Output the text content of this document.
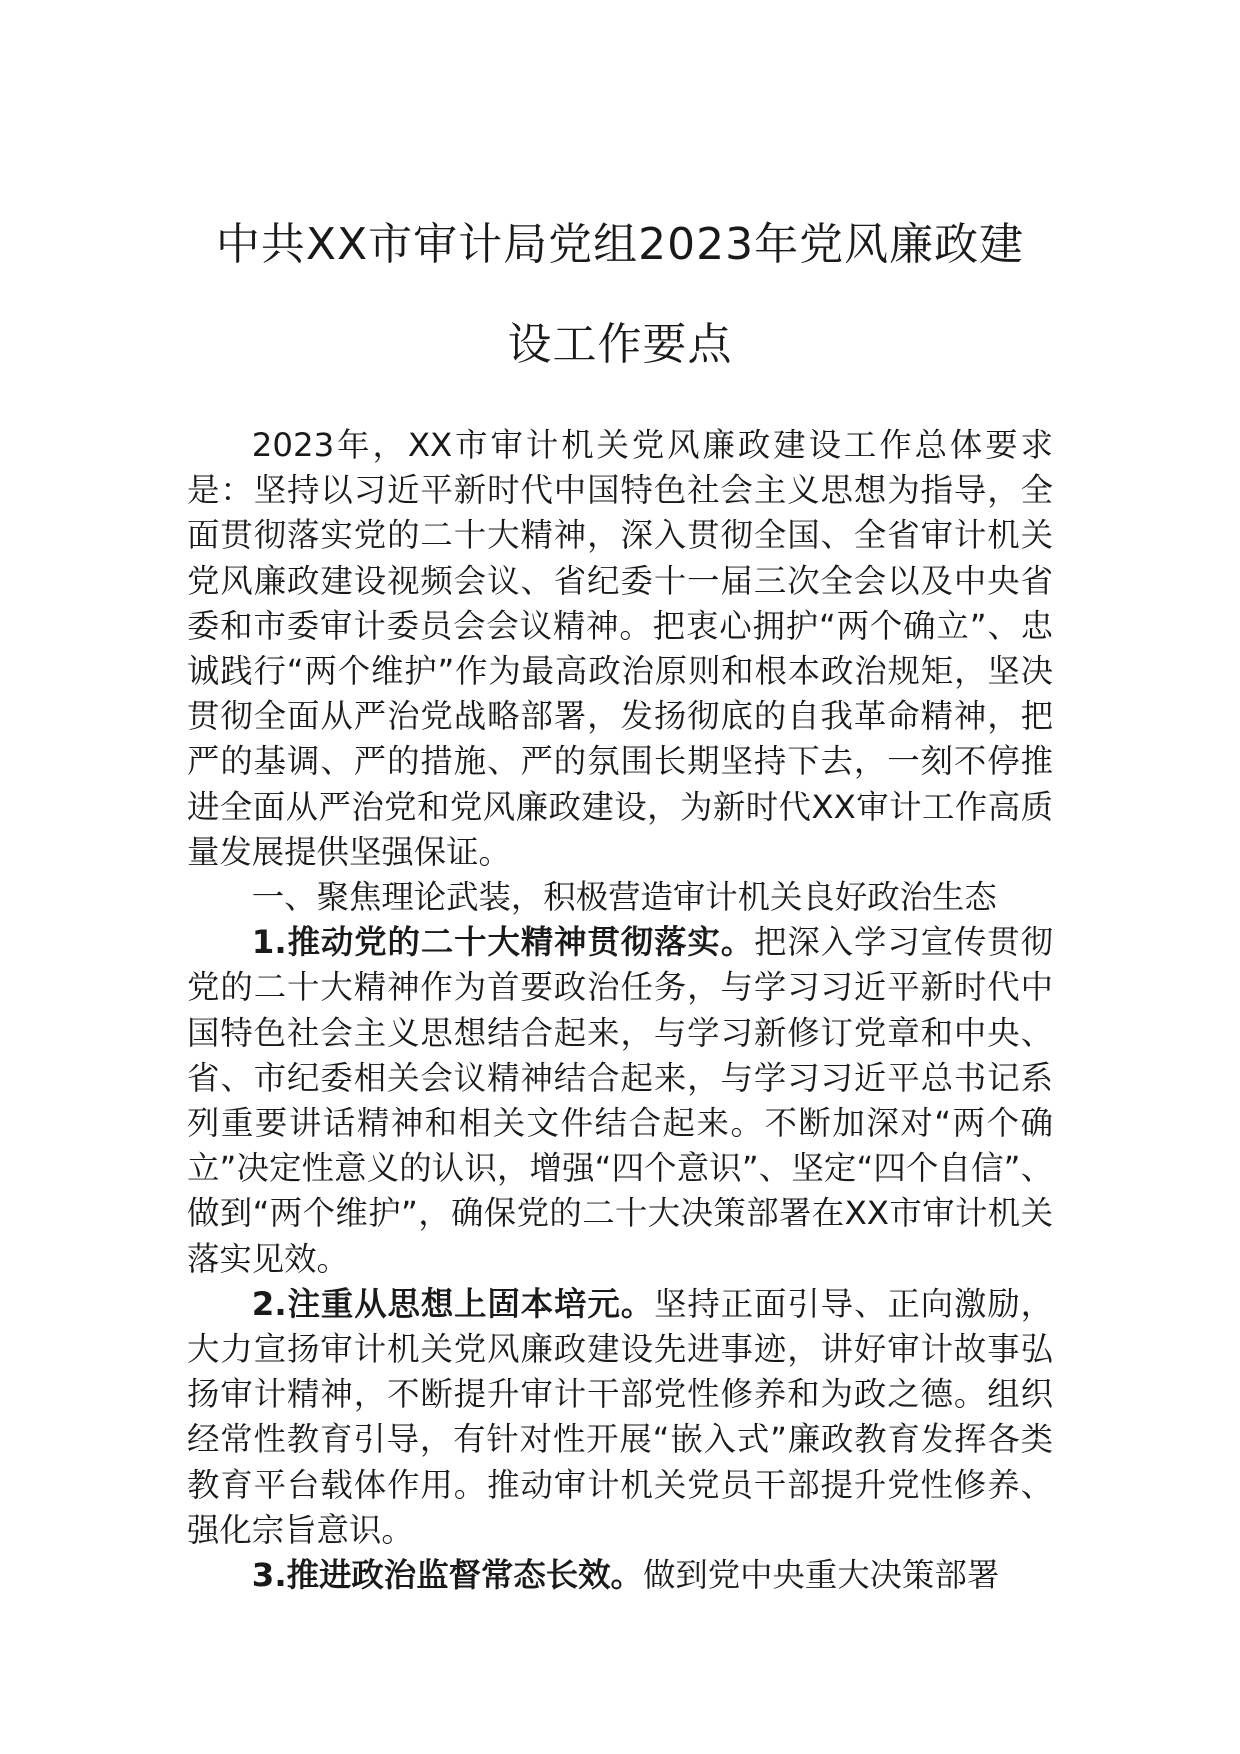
中共XX市审计局党组2023年党风廉政建
设工作要点

2023年，XX市审计机关党风廉政建设工作总体要求是：坚持以习近平新时代中国特色社会主义思想为指导，全面贯彻落实党的二十大精神，深入贯彻全国、全省审计机关党风廉政建设视频会议、省纪委十一届三次全会以及中央省委和市委审计委员会会议精神。把衷心拥护“两个确立”、忠诚践行“两个维护”作为最高政治原则和根本政治规矩，坚决贯彻全面从严治党战略部署，发扬彻底的自我革命精神，把严的基调、严的措施、严的氛围长期坚持下去，一刻不停推进全面从严治党和党风廉政建设，为新时代XX审计工作高质量发展提供坚强保证。

一、聚焦理论武装，积极营造审计机关良好政治生态

1.推动党的二十大精神贯彻落实。把深入学习宣传贯彻党的二十大精神作为首要政治任务，与学习习近平新时代中国特色社会主义思想结合起来，与学习新修订党章和中央、省、市纪委相关会议精神结合起来，与学习习近平总书记系列重要讲话精神和相关文件结合起来。不断加深对“两个确立”决定性意义的认识，增强“四个意识”、坚定“四个自信”、做到“两个维护”，确保党的二十大决策部署在XX市审计机关落实见效。

2.注重从思想上固本培元。坚持正面引导、正向激励，大力宣扬审计机关党风廉政建设先进事迹，讲好审计故事弘扬审计精神，不断提升审计干部党性修养和为政之德。组织经常性教育引导，有针对性开展“嵌入式”廉政教育发挥各类教育平台载体作用。推动审计机关党员干部提升党性修养、强化宗旨意识。

3.推进政治监督常态长效。做到党中央重大决策部署
